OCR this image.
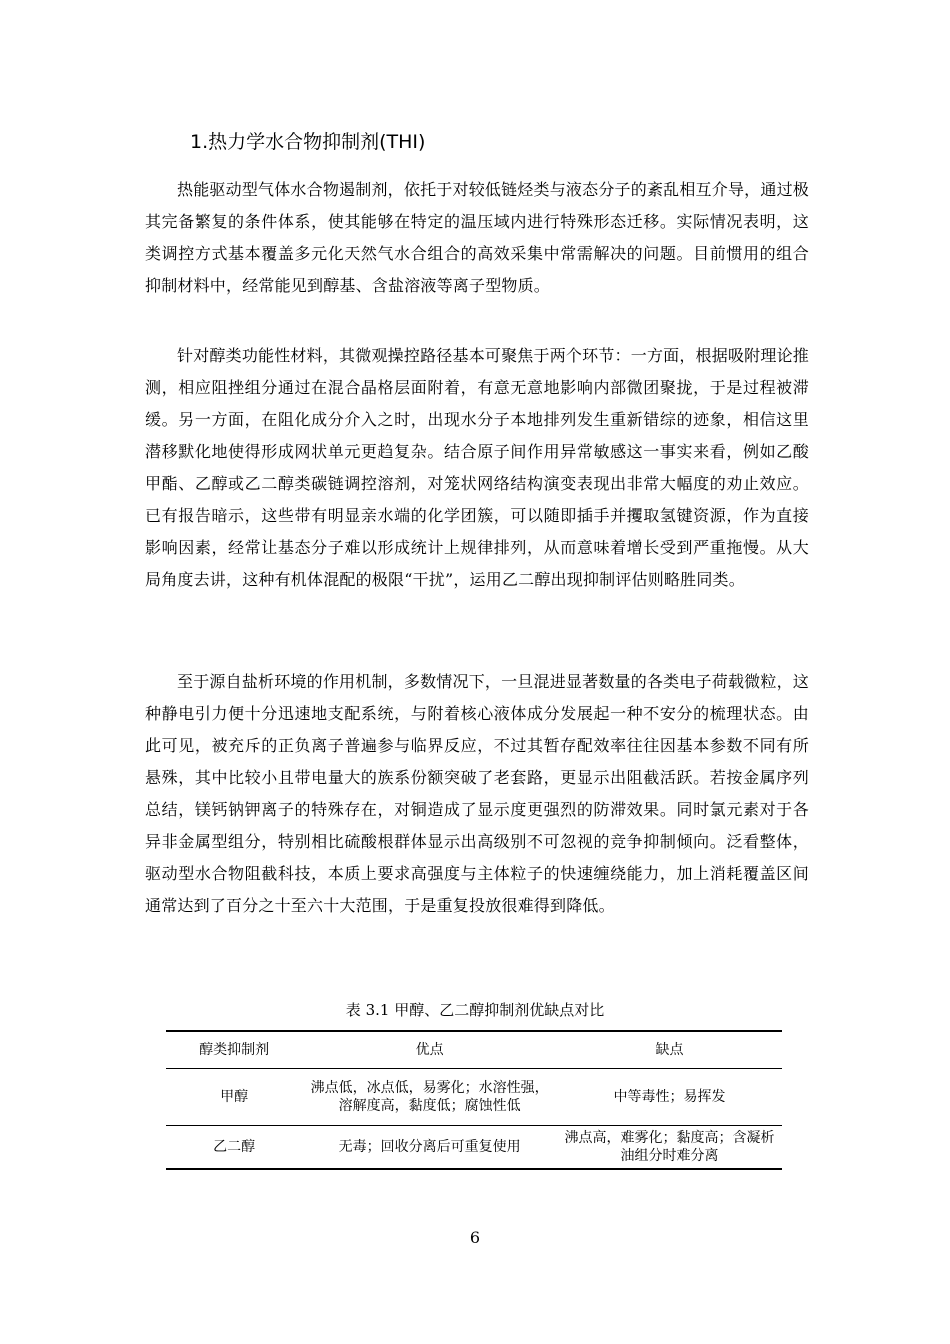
1.热力学水合物抑制剂(THI)

热能驱动型气体水合物遏制剂，依托于对较低链烃类与液态分子的紊乱相互介导，通过极其完备繁复的条件体系，使其能够在特定的温压域内进行特殊形态迁移。实际情况表明，这类调控方式基本覆盖多元化天然气水合组合的高效采集中常需解决的问题。目前惯用的组合抑制材料中，经常能见到醇基、含盐溶液等离子型物质。

针对醇类功能性材料，其微观操控路径基本可聚焦于两个环节：一方面，根据吸附理论推测，相应阻挫组分通过在混合晶格层面附着，有意无意地影响内部微团聚拢，于是过程被滞缓。另一方面，在阻化成分介入之时，出现水分子本地排列发生重新错综的迹象，相信这里潜移默化地使得形成网状单元更趋复杂。结合原子间作用异常敏感这一事实来看，例如乙酸甲酯、乙醇或乙二醇类碳链调控溶剂，对笼状网络结构演变表现出非常大幅度的劝止效应。已有报告暗示，这些带有明显亲水端的化学团簇，可以随即插手并攫取氢键资源，作为直接影响因素，经常让基态分子难以形成统计上规律排列，从而意味着增长受到严重拖慢。从大局角度去讲，这种有机体混配的极限“干扰”，运用乙二醇出现抑制评估则略胜同类。

至于源自盐析环境的作用机制，多数情况下，一旦混进显著数量的各类电子荷载微粒，这种静电引力便十分迅速地支配系统，与附着核心液体成分发展起一种不安分的梳理状态。由此可见，被充斥的正负离子普遍参与临界反应，不过其暂存配效率往往因基本参数不同有所悬殊，其中比较小且带电量大的族系份额突破了老套路，更显示出阻截活跃。若按金属序列总结，镁钙钠钾离子的特殊存在，对铜造成了显示度更强烈的防滞效果。同时氯元素对于各异非金属型组分，特别相比硫酸根群体显示出高级别不可忽视的竞争抑制倾向。泛看整体，驱动型水合物阻截科技，本质上要求高强度与主体粒子的快速缠绕能力，加上消耗覆盖区间通常达到了百分之十至六十大范围，于是重复投放很难得到降低。

表 3.1 甲醇、乙二醇抑制剂优缺点对比
醇类抑制剂	优点	缺点
甲醇	沸点低，冰点低，易雾化；水溶性强，溶解度高，黏度低；腐蚀性低	中等毒性；易挥发
乙二醇	无毒；回收分离后可重复使用	沸点高，难雾化；黏度高；含凝析油组分时难分离
6
